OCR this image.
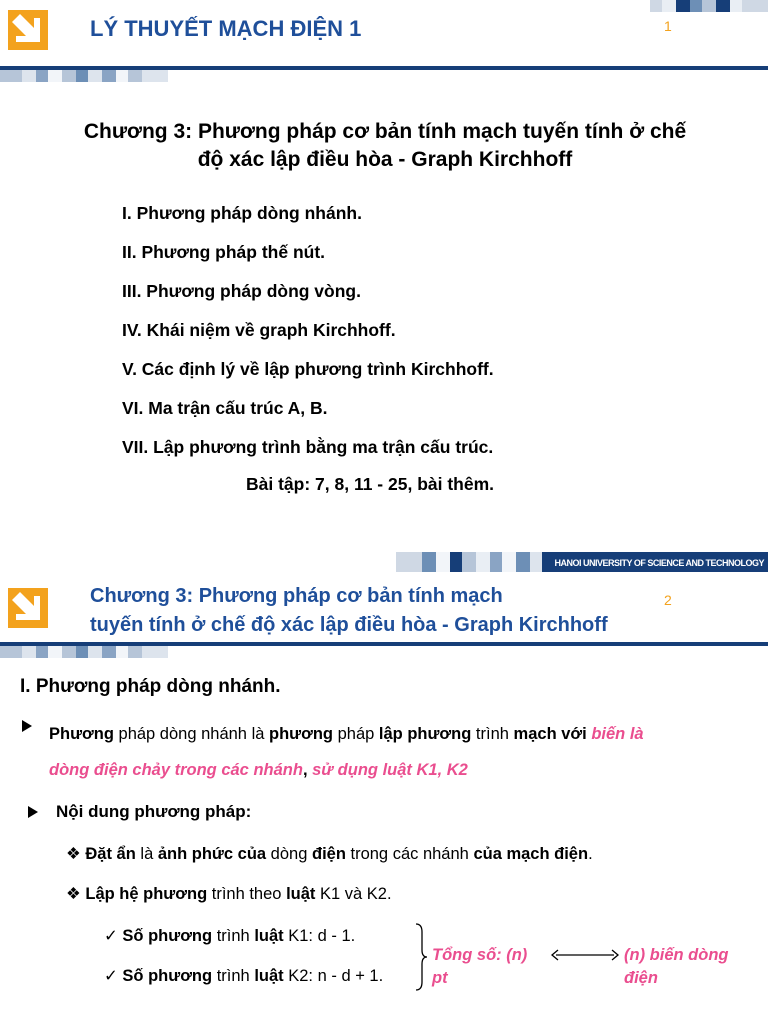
LÝ THUYẾT MẠCH ĐIỆN 1	1
Chương 3: Phương pháp cơ bản tính mạch tuyến tính ở chế
độ xác lập điều hòa - Graph Kirchhoff
I. Phương pháp dòng nhánh.
II. Phương pháp thế nút.
III. Phương pháp dòng vòng.
IV. Khái niệm về graph Kirchhoff.
V. Các định lý về lập phương trình Kirchhoff.
VI. Ma trận cấu trúc A, B.
VII. Lập phương trình bằng ma trận cấu trúc.
Bài tập: 7, 8, 11 - 25, bài thêm.
HANOI UNIVERSITY OF SCIENCE AND TECHNOLOGY
Chương 3: Phương pháp cơ bản tính mạch
tuyến tính ở chế độ xác lập điều hòa - Graph Kirchhoff
2
I. Phương pháp dòng nhánh.
Phương pháp dòng nhánh là phương pháp lập phương trình mạch với biến là
dòng điện chảy trong các nhánh, sử dụng luật K1, K2
Nội dung phương pháp:
❖ Đặt ẩn là ảnh phức của dòng điện trong các nhánh của mạch điện.
❖ Lập hệ phương trình theo luật K1 và K2.
✓ Số phương trình luật K1: d - 1.
✓ Số phương trình luật K2: n - d + 1.
Tổng số: (n)
pt
(n) biến dòng
điện
